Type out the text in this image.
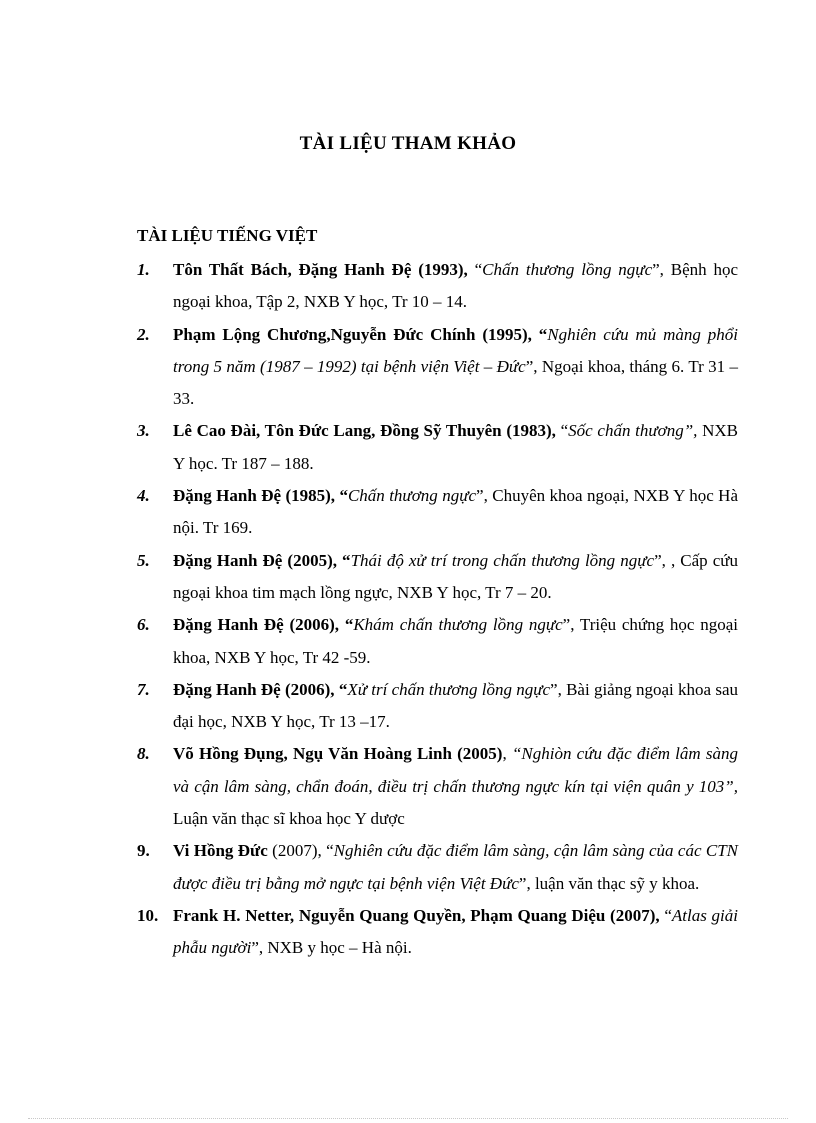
TÀI LIỆU THAM KHẢO
TÀI LIỆU TIẾNG VIỆT
1. Tôn Thất Bách, Đặng Hanh Đệ (1993), “Chấn thương lồng ngực”, Bệnh học ngoại khoa, Tập 2, NXB Y học, Tr 10 – 14.
2. Phạm Lộng Chương,Nguyễn Đức Chính (1995), “Nghiên cứu mủ màng phổi trong 5 năm (1987 – 1992) tại bệnh viện Việt – Đức”, Ngoại khoa, tháng 6. Tr 31 – 33.
3. Lê Cao Đài, Tôn Đức Lang, Đồng Sỹ Thuyên (1983), “Sốc chấn thương”, NXB Y học. Tr 187 – 188.
4. Đặng Hanh Đệ (1985), “Chấn thương ngực”, Chuyên khoa ngoại, NXB Y học Hà nội. Tr 169.
5. Đặng Hanh Đệ (2005), “Thái độ xử trí trong chấn thương lồng ngực”, , Cấp cứu ngoại khoa tim mạch lồng ngực, NXB Y học, Tr 7 – 20.
6. Đặng Hanh Đệ (2006), “Khám chấn thương lồng ngực”, Triệu chứng học ngoại khoa, NXB Y học, Tr 42 -59.
7. Đặng Hanh Đệ (2006), “Xử trí chấn thương lồng ngực”, Bài giảng ngoại khoa sau đại học, NXB Y học, Tr 13 –17.
8. Võ Hồng Đụng, Ngụ Văn Hoàng Linh (2005), “Nghiòn cứu đặc điểm lâm sàng và cận lâm sàng, chẩn đoán, điều trị chấn thương ngực kín tại viện quân y 103”, Luận văn thạc sĩ khoa học Y dược
9. Vi Hồng Đức (2007), “Nghiên cứu đặc điểm lâm sàng, cận lâm sàng của các CTN được điều trị bằng mở ngực tại bệnh viện Việt Đức”, luận văn thạc sỹ y khoa.
10. Frank H. Netter, Nguyễn Quang Quyền, Phạm Quang Diệu (2007), “Atlas giải phẫu người”, NXB y học – Hà nội.
